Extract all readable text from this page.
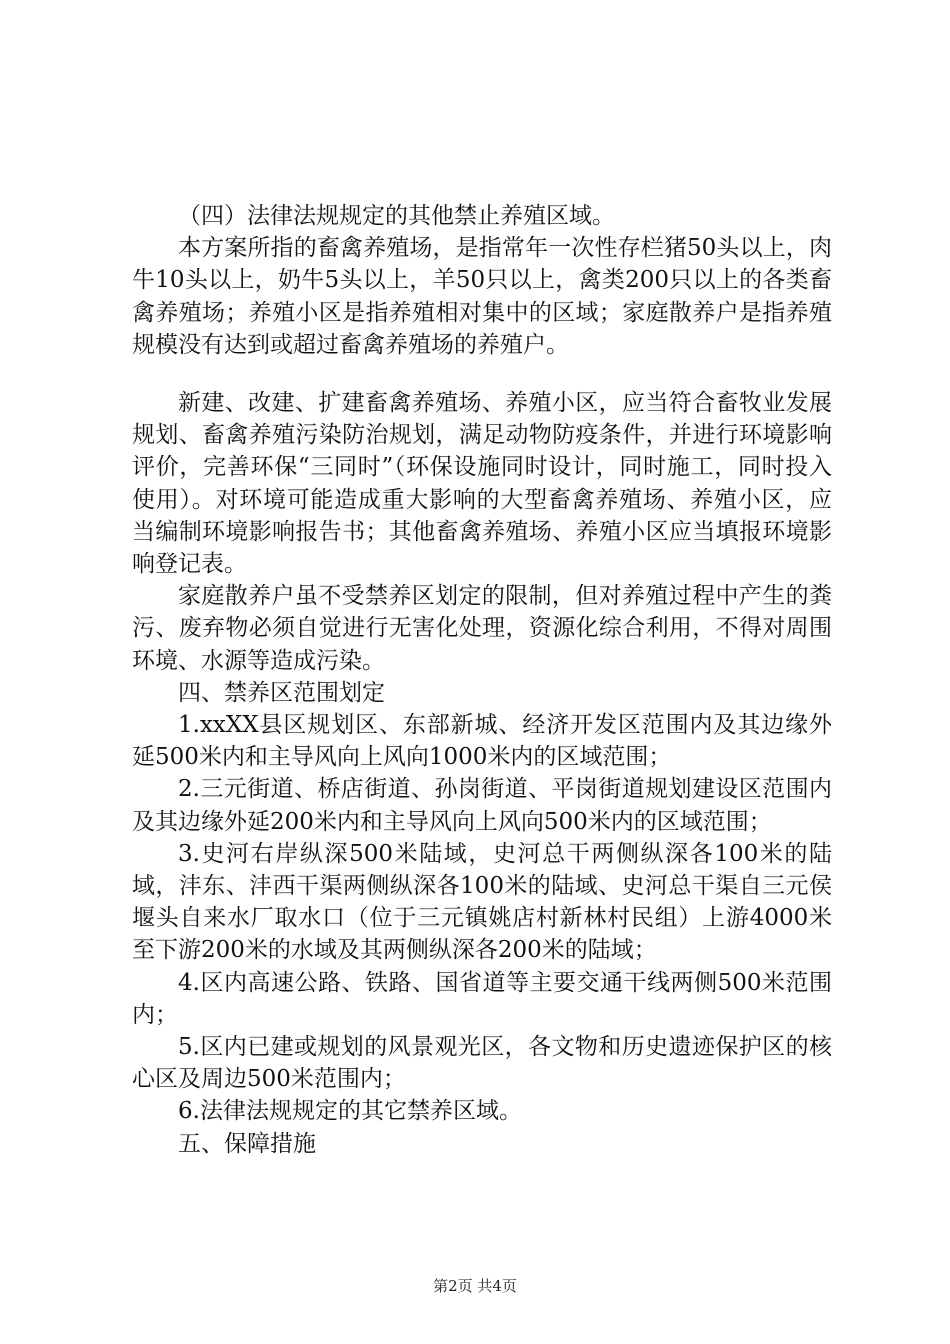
（四）法律法规规定的其他禁止养殖区域。

本方案所指的畜禽养殖场，是指常年一次性存栏猪50头以上，肉牛10头以上，奶牛5头以上，羊50只以上，禽类200只以上的各类畜禽养殖场；养殖小区是指养殖相对集中的区域；家庭散养户是指养殖规模没有达到或超过畜禽养殖场的养殖户。

新建、改建、扩建畜禽养殖场、养殖小区，应当符合畜牧业发展规划、畜禽养殖污染防治规划，满足动物防疫条件，并进行环境影响评价，完善环保“三同时”（环保设施同时设计，同时施工，同时投入使用）。对环境可能造成重大影响的大型畜禽养殖场、养殖小区，应当编制环境影响报告书；其他畜禽养殖场、养殖小区应当填报环境影响登记表。

家庭散养户虽不受禁养区划定的限制，但对养殖过程中产生的粪污、废弃物必须自觉进行无害化处理，资源化综合利用，不得对周围环境、水源等造成污染。

四、禁养区范围划定

1.xxXX县区规划区、东部新城、经济开发区范围内及其边缘外延500米内和主导风向上风向1000米内的区域范围；

2.三元街道、桥店街道、孙岗街道、平岗街道规划建设区范围内及其边缘外延200米内和主导风向上风向500米内的区域范围；

3.史河右岸纵深500米陆域，史河总干两侧纵深各100米的陆域，沣东、沣西干渠两侧纵深各100米的陆域、史河总干渠自三元侯堰头自来水厂取水口（位于三元镇姚店村新林村民组）上游4000米至下游200米的水域及其两侧纵深各200米的陆域；

4.区内高速公路、铁路、国省道等主要交通干线两侧500米范围内；

5.区内已建或规划的风景观光区，各文物和历史遗迹保护区的核心区及周边500米范围内；

6.法律法规规定的其它禁养区域。

五、保障措施

第2页 共4页
